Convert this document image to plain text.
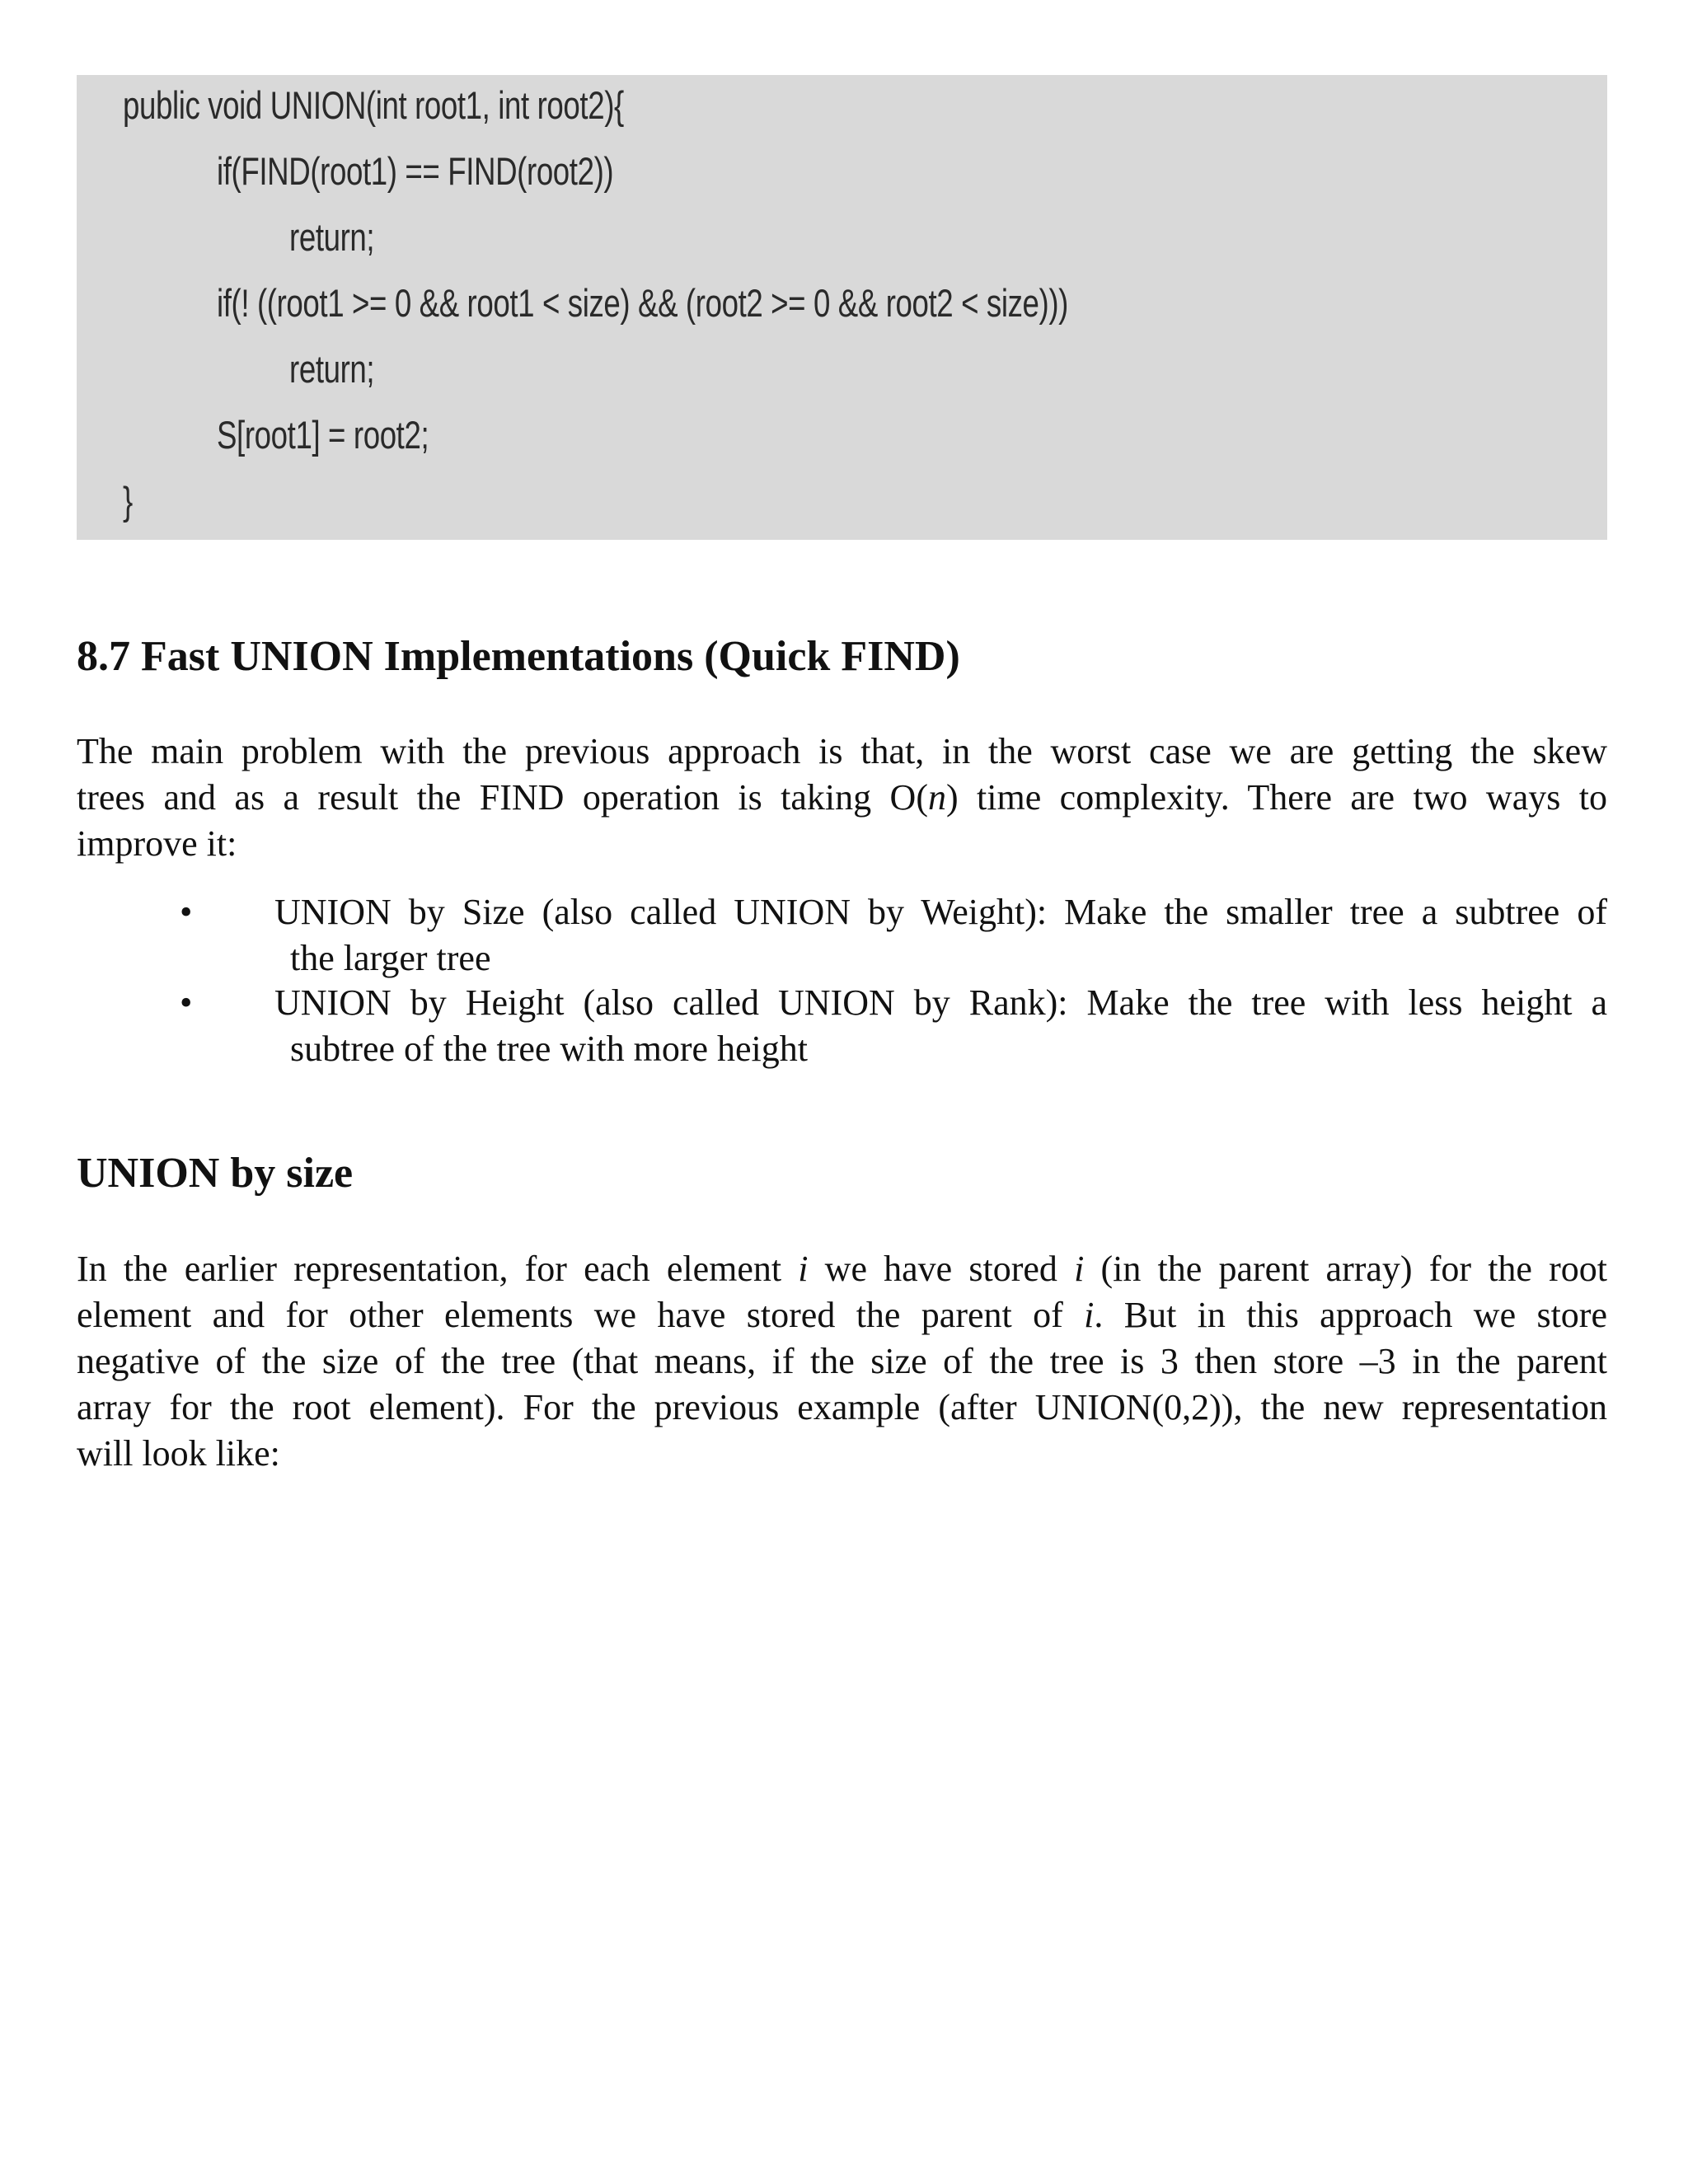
public void UNION(int root1, int root2){
if(FIND(root1) == FIND(root2))
return;
if(! ((root1 >= 0 && root1 < size) && (root2 >= 0 && root2 < size)))
return;
S[root1] = root2;
}
8.7 Fast UNION Implementations (Quick FIND)
The main problem with the previous approach is that, in the worst case we are getting the skew
trees and as a result the FIND operation is taking O(n) time complexity. There are two ways to
improve it:
• UNION by Size (also called UNION by Weight): Make the smaller tree a subtree of
the larger tree
• UNION by Height (also called UNION by Rank): Make the tree with less height a
subtree of the tree with more height
UNION by size
In the earlier representation, for each element i we have stored i (in the parent array) for the root
element and for other elements we have stored the parent of i. But in this approach we store
negative of the size of the tree (that means, if the size of the tree is 3 then store –3 in the parent
array for the root element). For the previous example (after UNION(0,2)), the new representation
will look like:
